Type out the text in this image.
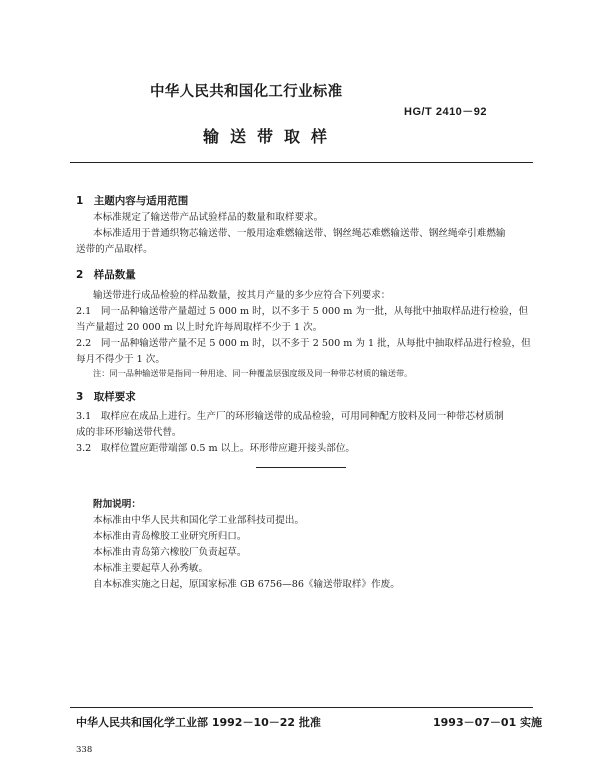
中华人民共和国化工行业标准
HG/T 2410－92
输送带取样
1　主题内容与适用范围
本标准规定了输送带产品试验样品的数量和取样要求。
本标准适用于普通织物芯输送带、一般用途难燃输送带、钢丝绳芯难燃输送带、钢丝绳牵引难燃输
送带的产品取样。
2　样品数量
输送带进行成品检验的样品数量，按其月产量的多少应符合下列要求：
2.1　同一品种输送带产量超过 5 000 m 时，以不多于 5 000 m 为一批，从每批中抽取样品进行检验，但
当产量超过 20 000 m 以上时允许每周取样不少于 1 次。
2.2　同一品种输送带产量不足 5 000 m 时，以不多于 2 500 m 为 1 批，从每批中抽取样品进行检验，但
每月不得少于 1 次。
注：同一品种输送带是指同一种用途、同一种覆盖层强度级及同一种带芯材质的输送带。
3　取样要求
3.1　取样应在成品上进行。生产厂的环形输送带的成品检验，可用同种配方胶料及同一种带芯材质制
成的非环形输送带代替。
3.2　取样位置应距带端部 0.5 m 以上。环形带应避开接头部位。
附加说明：
本标准由中华人民共和国化学工业部科技司提出。
本标准由青岛橡胶工业研究所归口。
本标准由青岛第六橡胶厂负责起草。
本标准主要起草人孙秀敏。
自本标准实施之日起，原国家标准 GB 6756—86《输送带取样》作废。
中华人民共和国化学工业部 1992－10－22 批准	1993－07－01 实施
338
